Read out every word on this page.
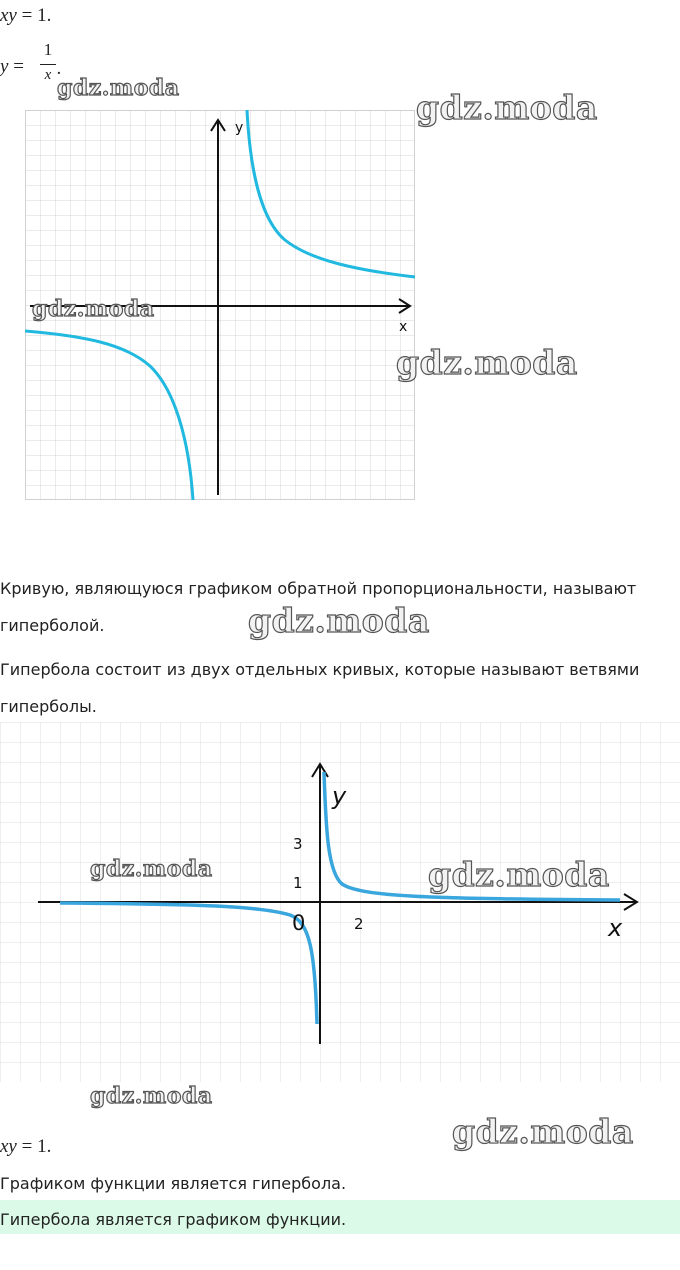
xy = 1.
y =
1
x .
y
x
Кривую, являющуюся графиком обратной пропорциональности, называют
гиперболой.
Гипербола состоит из двух отдельных кривых, которые называют ветвями
гиперболы.
y
x
3
1
2
0
xy = 1.
Графиком функции является гипербола.
Гипербола является графиком функции.
gdz.moda	gdz.moda
gdz.moda
gdz.moda
gdz.moda
gdz.moda	gdz.moda
gdz.moda
gdz.moda
